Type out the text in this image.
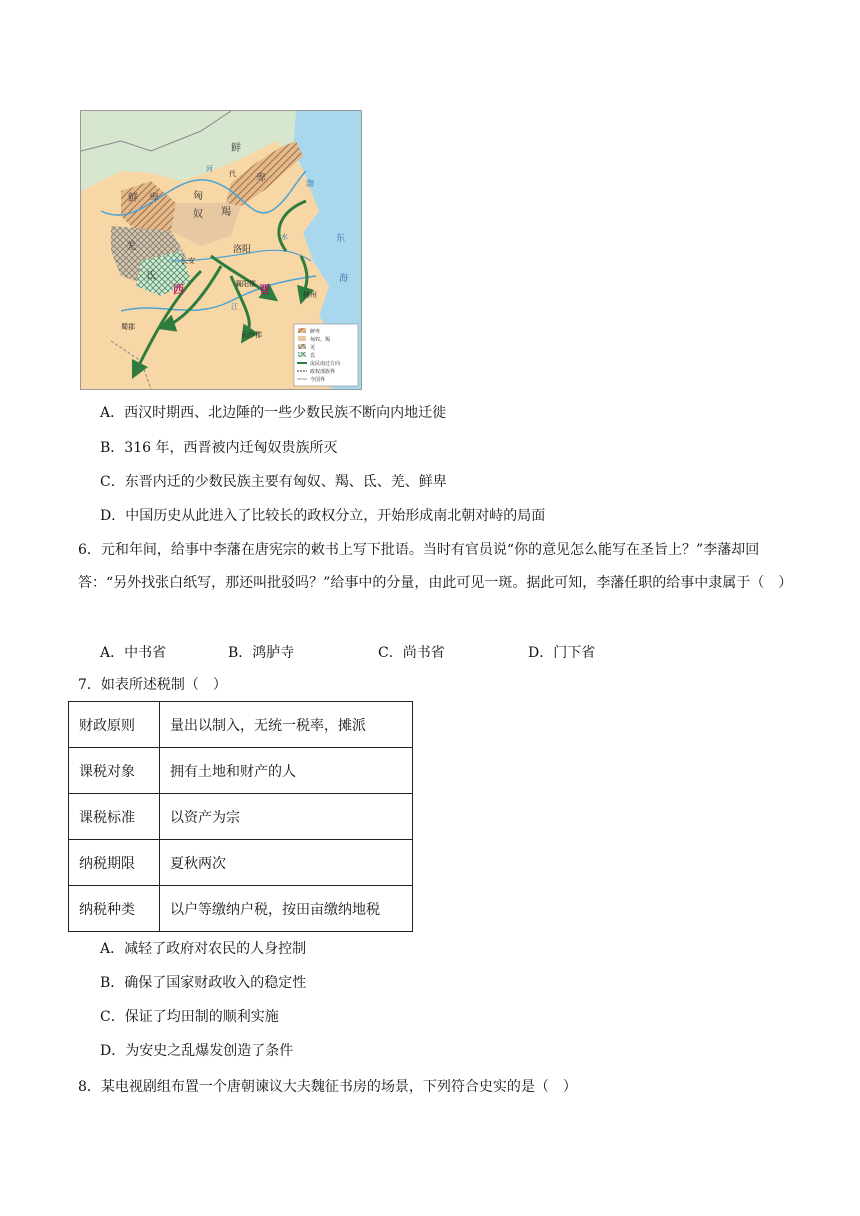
鲜
卑
鲜 卑	匈
奴 羯
羌
氐
洛阳
长安
襄阳郡
蜀郡
长沙郡
扬州
代
西	晋
东
海
渤
河
水
江
鲜卑
匈奴、羯
羌
氐
流民南迁方向
政权部族界
今国界
A．西汉时期西、北边陲的一些少数民族不断向内地迁徙
B．316 年，西晋被内迁匈奴贵族所灭
C．东晋内迁的少数民族主要有匈奴、羯、氐、羌、鲜卑
D．中国历史从此进入了比较长的政权分立，开始形成南北朝对峙的局面
6．元和年间，给事中李藩在唐宪宗的敕书上写下批语。当时有官员说“你的意见怎么能写在圣旨上？”李藩却回答：“另外找张白纸写，那还叫批驳吗？”给事中的分量，由此可见一斑。据此可知，李藩任职的给事中隶属于（　）
A．中书省	B．鸿胪寺	C．尚书省	D．门下省
7．如表所述税制（　）
财政原则	量出以制入，无统一税率，摊派
课税对象	拥有土地和财产的人
课税标准	以资产为宗
纳税期限	夏秋两次
纳税种类	以户等缴纳户税，按田亩缴纳地税
A．减轻了政府对农民的人身控制
B．确保了国家财政收入的稳定性
C．保证了均田制的顺利实施
D．为安史之乱爆发创造了条件
8．某电视剧组布置一个唐朝谏议大夫魏征书房的场景，下列符合史实的是（　）
